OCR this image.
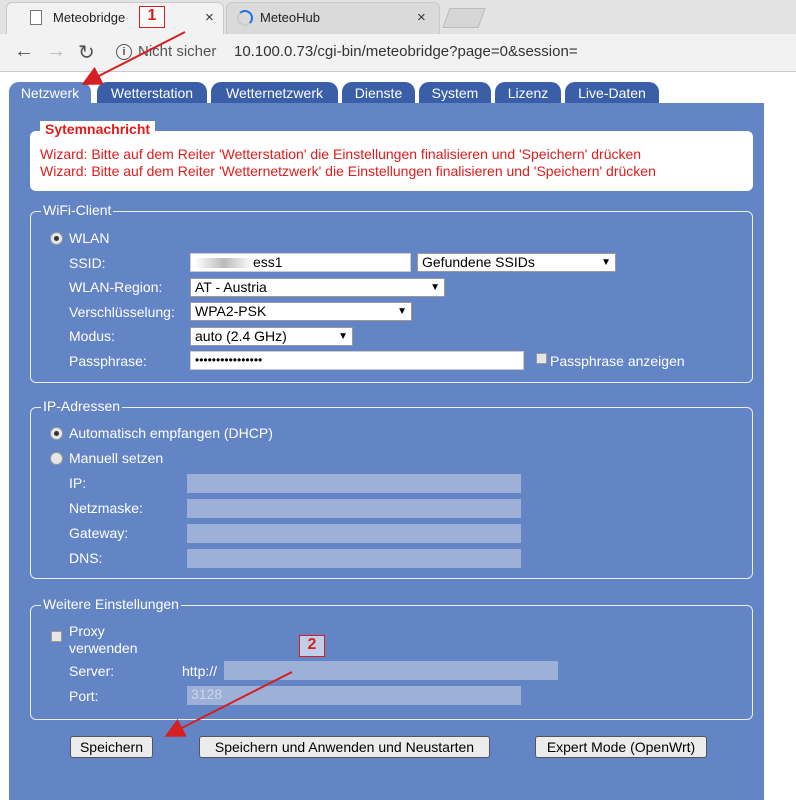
Meteobridge	×	MeteoHub	×
← → ↻	i Nicht sicher 10.100.0.73/cgi-bin/meteobridge?page=0&session=
Netzwerk	Wetterstation	Wetternetzwerk	Dienste	System	Lizenz	Live-Daten
Sytemnachricht
Wizard: Bitte auf dem Reiter 'Wetterstation' die Einstellungen finalisieren und 'Speichern' drücken
Wizard: Bitte auf dem Reiter 'Wetternetzwerk' die Einstellungen finalisieren und 'Speichern' drücken
WiFi-Client
WLAN
SSID:	ess1	Gefundene SSIDs	▼
WLAN-Region:	AT - Austria	▼
Verschlüsselung:	WPA2-PSK	▼
Modus:	auto (2.4 GHz)	▼
Passphrase:	••••••••••••••••	Passphrase anzeigen
IP-Adressen
Automatisch empfangen (DHCP)
Manuell setzen
IP:
Netzmaske:
Gateway:
DNS:
Weitere Einstellungen
Proxy
verwenden
Server:	http://
Port:	3128
Speichern	Speichern und Anwenden und Neustarten	Expert Mode (OpenWrt)
1
2
